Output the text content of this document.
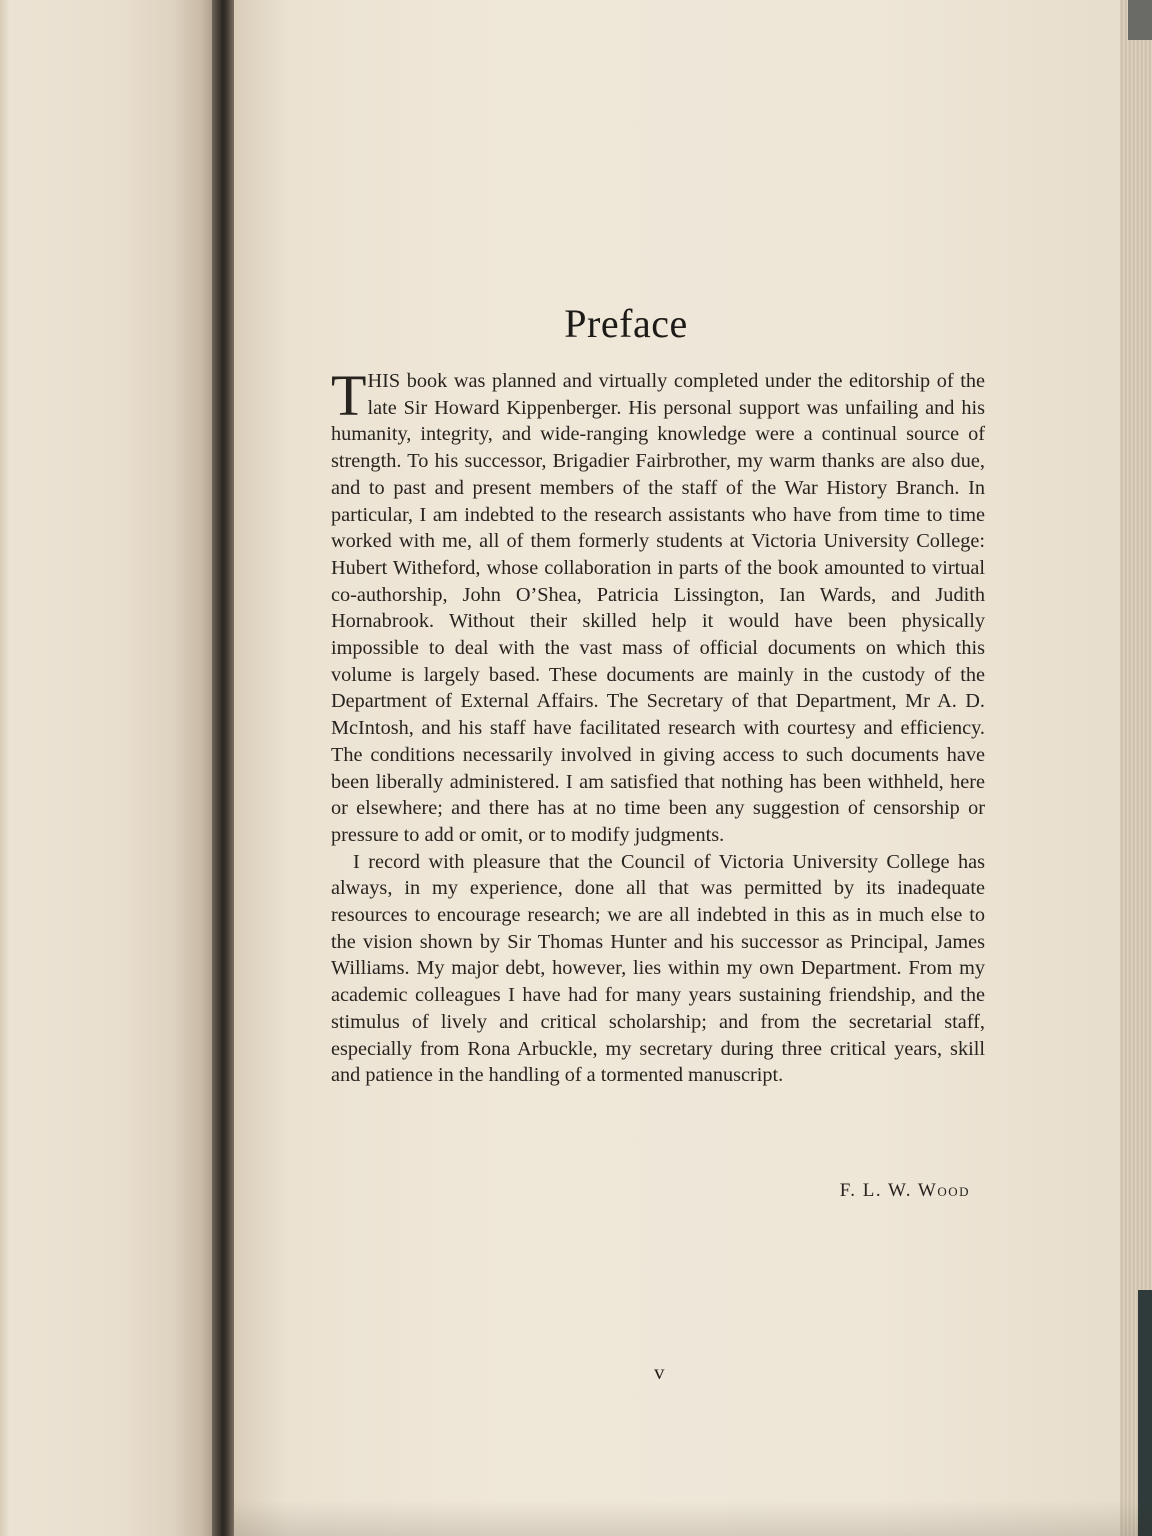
Preface

THIS book was planned and virtually completed under the editorship of the late Sir Howard Kippenberger. His personal support was unfailing and his humanity, integrity, and wide-ranging knowledge were a continual source of strength. To his successor, Brigadier Fairbrother, my warm thanks are also due, and to past and present members of the staff of the War History Branch. In particular, I am indebted to the research assistants who have from time to time worked with me, all of them formerly students at Victoria University College: Hubert Witheford, whose collaboration in parts of the book amounted to virtual co-authorship, John O’Shea, Patricia Lissington, Ian Wards, and Judith Hornabrook. Without their skilled help it would have been physically impossible to deal with the vast mass of official documents on which this volume is largely based. These documents are mainly in the custody of the Department of External Affairs. The Secretary of that Department, Mr A. D. McIntosh, and his staff have facilitated research with courtesy and efficiency. The conditions necessarily involved in giving access to such documents have been liberally administered. I am satisfied that nothing has been withheld, here or elsewhere; and there has at no time been any suggestion of censorship or pressure to add or omit, or to modify judgments.

I record with pleasure that the Council of Victoria University College has always, in my experience, done all that was permitted by its inadequate resources to encourage research; we are all indebted in this as in much else to the vision shown by Sir Thomas Hunter and his successor as Principal, James Williams. My major debt, however, lies within my own Department. From my academic colleagues I have had for many years sustaining friendship, and the stimulus of lively and critical scholarship; and from the secretarial staff, especially from Rona Arbuckle, my secretary during three critical years, skill and patience in the handling of a tormented manuscript.

F. L. W. Wood
v
